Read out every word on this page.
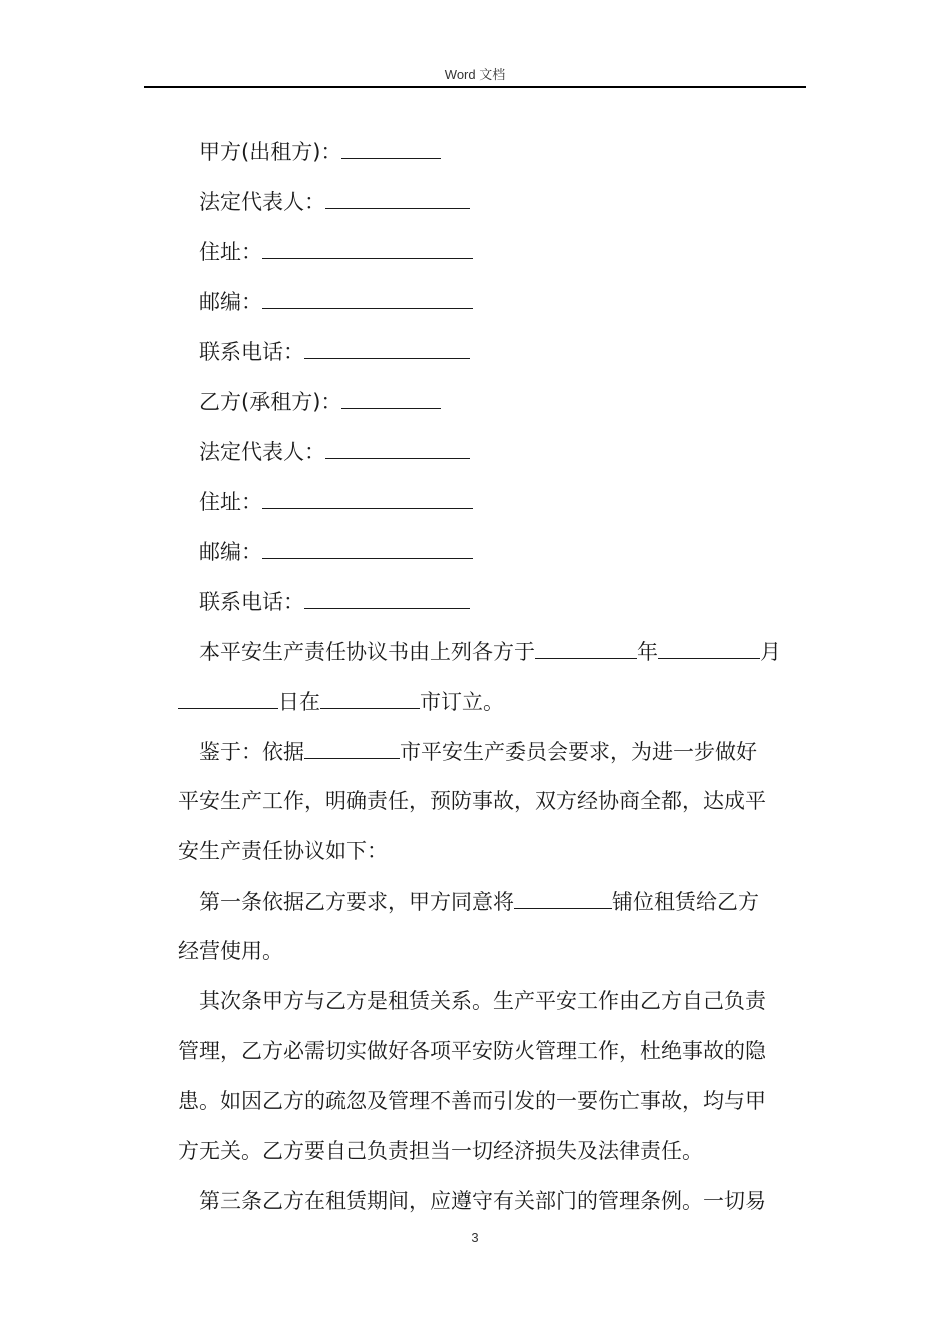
Word 文档
甲方(出租方)：
法定代表人：
住址：
邮编：
联系电话：
乙方(承租方)：
法定代表人：
住址：
邮编：
联系电话：
本平安生产责任协议书由上列各方于	年	月
日在	市订立。
鉴于：依据	市平安生产委员会要求，为进一步做好
平安生产工作，明确责任，预防事故，双方经协商全都，达成平
安生产责任协议如下：
第一条依据乙方要求，甲方同意将	铺位租赁给乙方
经营使用。
其次条甲方与乙方是租赁关系。生产平安工作由乙方自己负责
管理，乙方必需切实做好各项平安防火管理工作，杜绝事故的隐
患。如因乙方的疏忽及管理不善而引发的一要伤亡事故，均与甲
方无关。乙方要自己负责担当一切经济损失及法律责任。
第三条乙方在租赁期间，应遵守有关部门的管理条例。一切易
3
